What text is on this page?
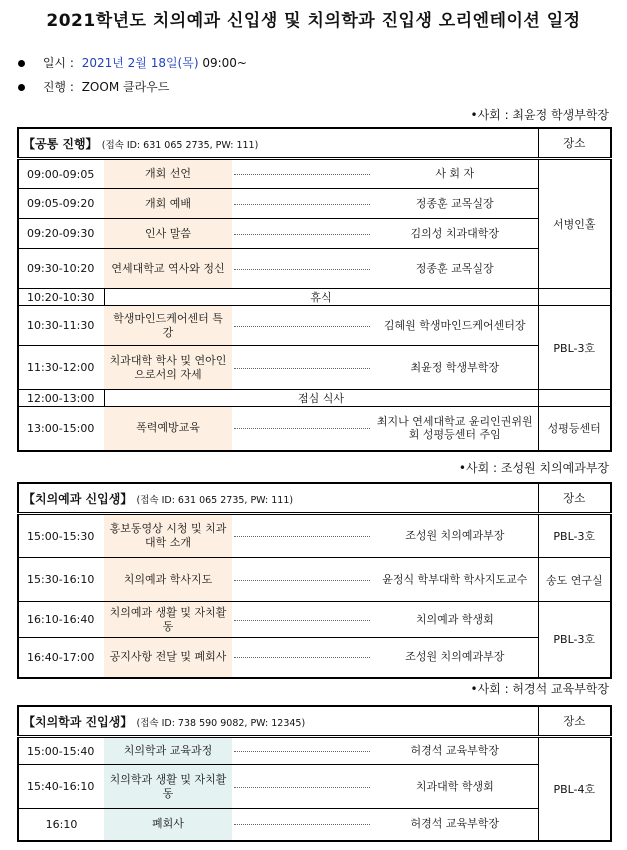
2021학년도 치의예과 신입생 및 치의학과 진입생 오리엔테이션 일정
일시 : 2021년 2월 18일(목) 09:00~
진행 : ZOOM 클라우드
•사회 : 최윤정 학생부학장
【공통 진행】 (접속 ID: 631 065 2735, PW: 111)				장소
09:00-09:05	개회 선언		사 회 자	서병인홀
09:05-09:20	개회 예배		정종훈 교목실장	
09:20-09:30	인사 말씀		김의성 치과대학장	
09:30-10:20	연세대학교 역사와 정신		정종훈 교목실장	
10:20-10:30	휴식			
10:30-11:30	학생마인드케어센터 특강		김혜원 학생마인드케어센터장	PBL-3호
11:30-12:00	치과대학 학사 및 연아인으로서의 자세		최윤정 학생부학장	
12:00-13:00	점심 식사			
13:00-15:00	폭력예방교육		최지나 연세대학교 윤리인권위원회 성평등센터 주임	성평등센터
•사회 : 조성원 치의예과부장
【치의예과 신입생】 (접속 ID: 631 065 2735, PW: 111)				장소
15:00-15:30	홍보동영상 시청 및 치과대학 소개		조성원 치의예과부장	PBL-3호
15:30-16:10	치의예과 학사지도		윤정식 학부대학 학사지도교수	송도 연구실
16:10-16:40	치의예과 생활 및 자치활동		치의예과 학생회	PBL-3호
16:40-17:00	공지사항 전달 및 폐회사		조성원 치의예과부장	
•사회 : 허경석 교육부학장
【치의학과 진입생】 (접속 ID: 738 590 9082, PW: 12345)				장소
15:00-15:40	치의학과 교육과정		허경석 교육부학장	PBL-4호
15:40-16:10	치의학과 생활 및 자치활동		치과대학 학생회	
16:10	폐회사		허경석 교육부학장	
